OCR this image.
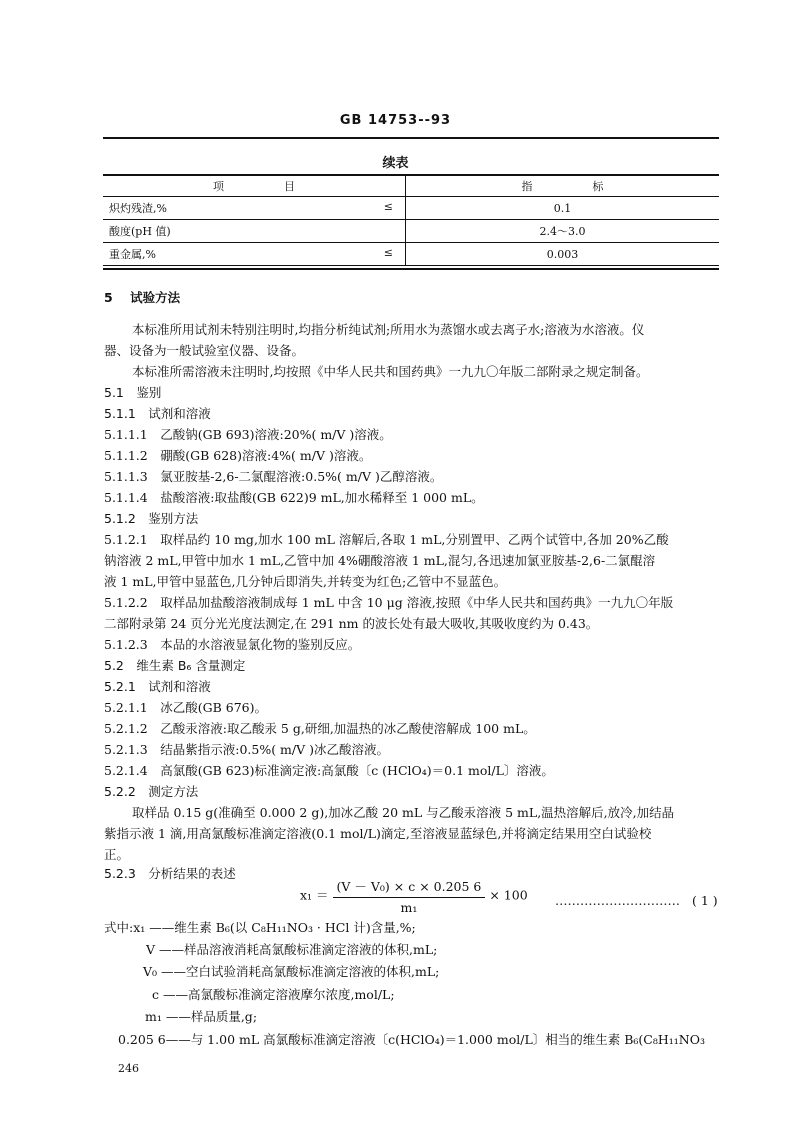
GB 14753--93
续表
项 目	指 标

炽灼残渣,% ≤	0.1
酸度(pH 值)	2.4～3.0
重金属,% ≤	0.003
5 试验方法
本标准所用试剂未特别注明时,均指分析纯试剂;所用水为蒸馏水或去离子水;溶液为水溶液。仪
器、设备为一般试验室仪器、设备。
本标准所需溶液未注明时,均按照《中华人民共和国药典》一九九〇年版二部附录之规定制备。
5.1　鉴别
5.1.1　试剂和溶液
5.1.1.1　乙酸钠(GB 693)溶液:20%( m/V )溶液。
5.1.1.2　硼酸(GB 628)溶液:4%( m/V )溶液。
5.1.1.3　氯亚胺基-2,6-二氯醌溶液:0.5%( m/V )乙醇溶液。
5.1.1.4　盐酸溶液:取盐酸(GB 622)9 mL,加水稀释至 1 000 mL。
5.1.2　鉴别方法
5.1.2.1　取样品约 10 mg,加水 100 mL 溶解后,各取 1 mL,分别置甲、乙两个试管中,各加 20%乙酸
钠溶液 2 mL,甲管中加水 1 mL,乙管中加 4%硼酸溶液 1 mL,混匀,各迅速加氯亚胺基-2,6-二氯醌溶
液 1 mL,甲管中显蓝色,几分钟后即消失,并转变为红色;乙管中不显蓝色。
5.1.2.2　取样品加盐酸溶液制成每 1 mL 中含 10 μg 溶液,按照《中华人民共和国药典》一九九〇年版
二部附录第 24 页分光光度法测定,在 291 nm 的波长处有最大吸收,其吸收度约为 0.43。
5.1.2.3　本品的水溶液显氯化物的鉴别反应。
5.2　维生素 B₆ 含量测定
5.2.1　试剂和溶液
5.2.1.1　冰乙酸(GB 676)。
5.2.1.2　乙酸汞溶液:取乙酸汞 5 g,研细,加温热的冰乙酸使溶解成 100 mL。
5.2.1.3　结晶紫指示液:0.5%( m/V )冰乙酸溶液。
5.2.1.4　高氯酸(GB 623)标准滴定液:高氯酸〔c (HClO₄)＝0.1 mol/L〕溶液。
5.2.2　测定方法
取样品 0.15 g(准确至 0.000 2 g),加冰乙酸 20 mL 与乙酸汞溶液 5 mL,温热溶解后,放冷,加结晶
紫指示液 1 滴,用高氯酸标准滴定溶液(0.1 mol/L)滴定,至溶液显蓝绿色,并将滴定结果用空白试验校
正。
5.2.3　分析结果的表述
$x_1 = \frac{\text{(V － V₀) × c × 0.205 6}}{\text{m₁}} \times 100$ ………………………… ( 1 )
式中:x₁ ——维生素 B₆(以 C₈H₁₁NO₃ · HCl 计)含量,%;
V ——样品溶液消耗高氯酸标准滴定溶液的体积,mL;
V₀ ——空白试验消耗高氯酸标准滴定溶液的体积,mL;
c ——高氯酸标准滴定溶液摩尔浓度,mol/L;
m₁ ——样品质量,g;
0.205 6——与 1.00 mL 高氯酸标准滴定溶液〔c(HClO₄)＝1.000 mol/L〕相当的维生素 B₆(C₈H₁₁NO₃
246
